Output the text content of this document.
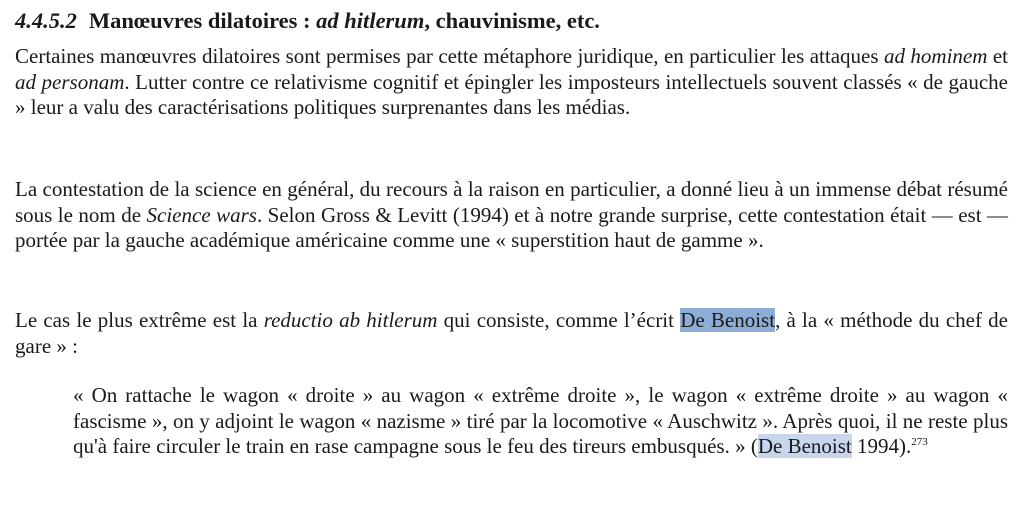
4.4.5.2 Manœuvres dilatoires : ad hitlerum, chauvinisme, etc.

Certaines manœuvres dilatoires sont permises par cette métaphore juridique, en particulier les attaques ad hominem et ad personam. Lutter contre ce relativisme cognitif et épingler les imposteurs intellectuels souvent classés « de gauche » leur a valu des caractérisations politiques surprenantes dans les médias.

La contestation de la science en général, du recours à la raison en particulier, a donné lieu à un immense débat résumé sous le nom de Science wars. Selon Gross & Levitt (1994) et à notre grande surprise, cette contestation était — est — portée par la gauche académique américaine comme une « superstition haut de gamme ».

Le cas le plus extrême est la reductio ab hitlerum qui consiste, comme l’écrit De Benoist, à la « méthode du chef de gare » :

« On rattache le wagon « droite » au wagon « extrême droite », le wagon « extrême droite » au wagon « fascisme », on y adjoint le wagon « nazisme » tiré par la locomotive « Auschwitz ». Après quoi, il ne reste plus qu'à faire circuler le train en rase campagne sous le feu des tireurs embusqués. » (De Benoist 1994).$^{273}$
